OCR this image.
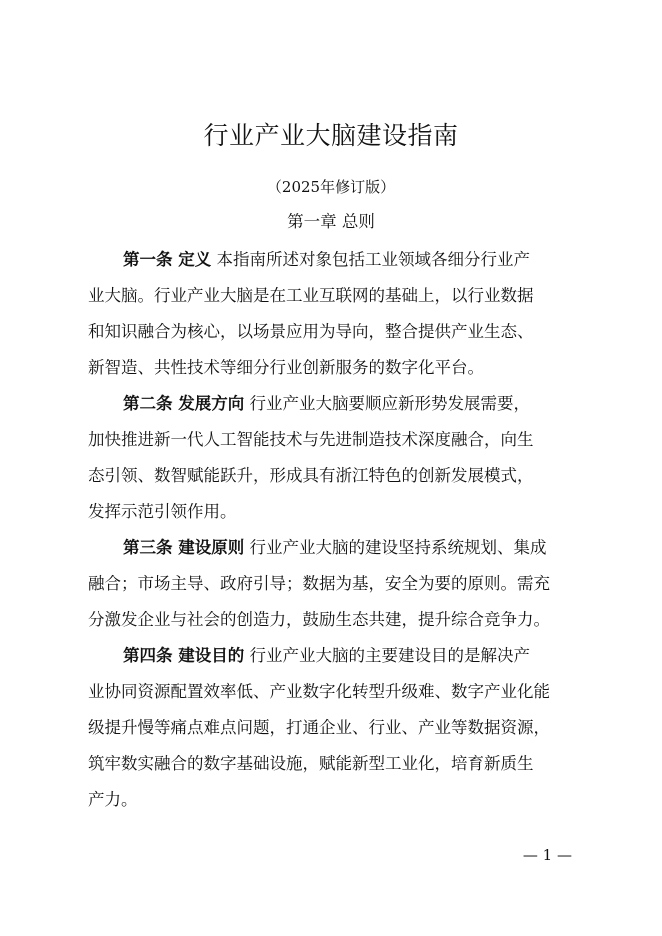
行业产业大脑建设指南
（2025年修订版）
第一章 总则

第一条 定义 本指南所述对象包括工业领域各细分行业产
业大脑。行业产业大脑是在工业互联网的基础上，以行业数据
和知识融合为核心，以场景应用为导向，整合提供产业生态、
新智造、共性技术等细分行业创新服务的数字化平台。

第二条 发展方向 行业产业大脑要顺应新形势发展需要，
加快推进新一代人工智能技术与先进制造技术深度融合，向生
态引领、数智赋能跃升，形成具有浙江特色的创新发展模式，
发挥示范引领作用。

第三条 建设原则 行业产业大脑的建设坚持系统规划、集成
融合；市场主导、政府引导；数据为基，安全为要的原则。需充
分激发企业与社会的创造力，鼓励生态共建，提升综合竞争力。

第四条 建设目的 行业产业大脑的主要建设目的是解决产
业协同资源配置效率低、产业数字化转型升级难、数字产业化能
级提升慢等痛点难点问题，打通企业、行业、产业等数据资源，
筑牢数实融合的数字基础设施，赋能新型工业化，培育新质生
产力。

— 1 —
